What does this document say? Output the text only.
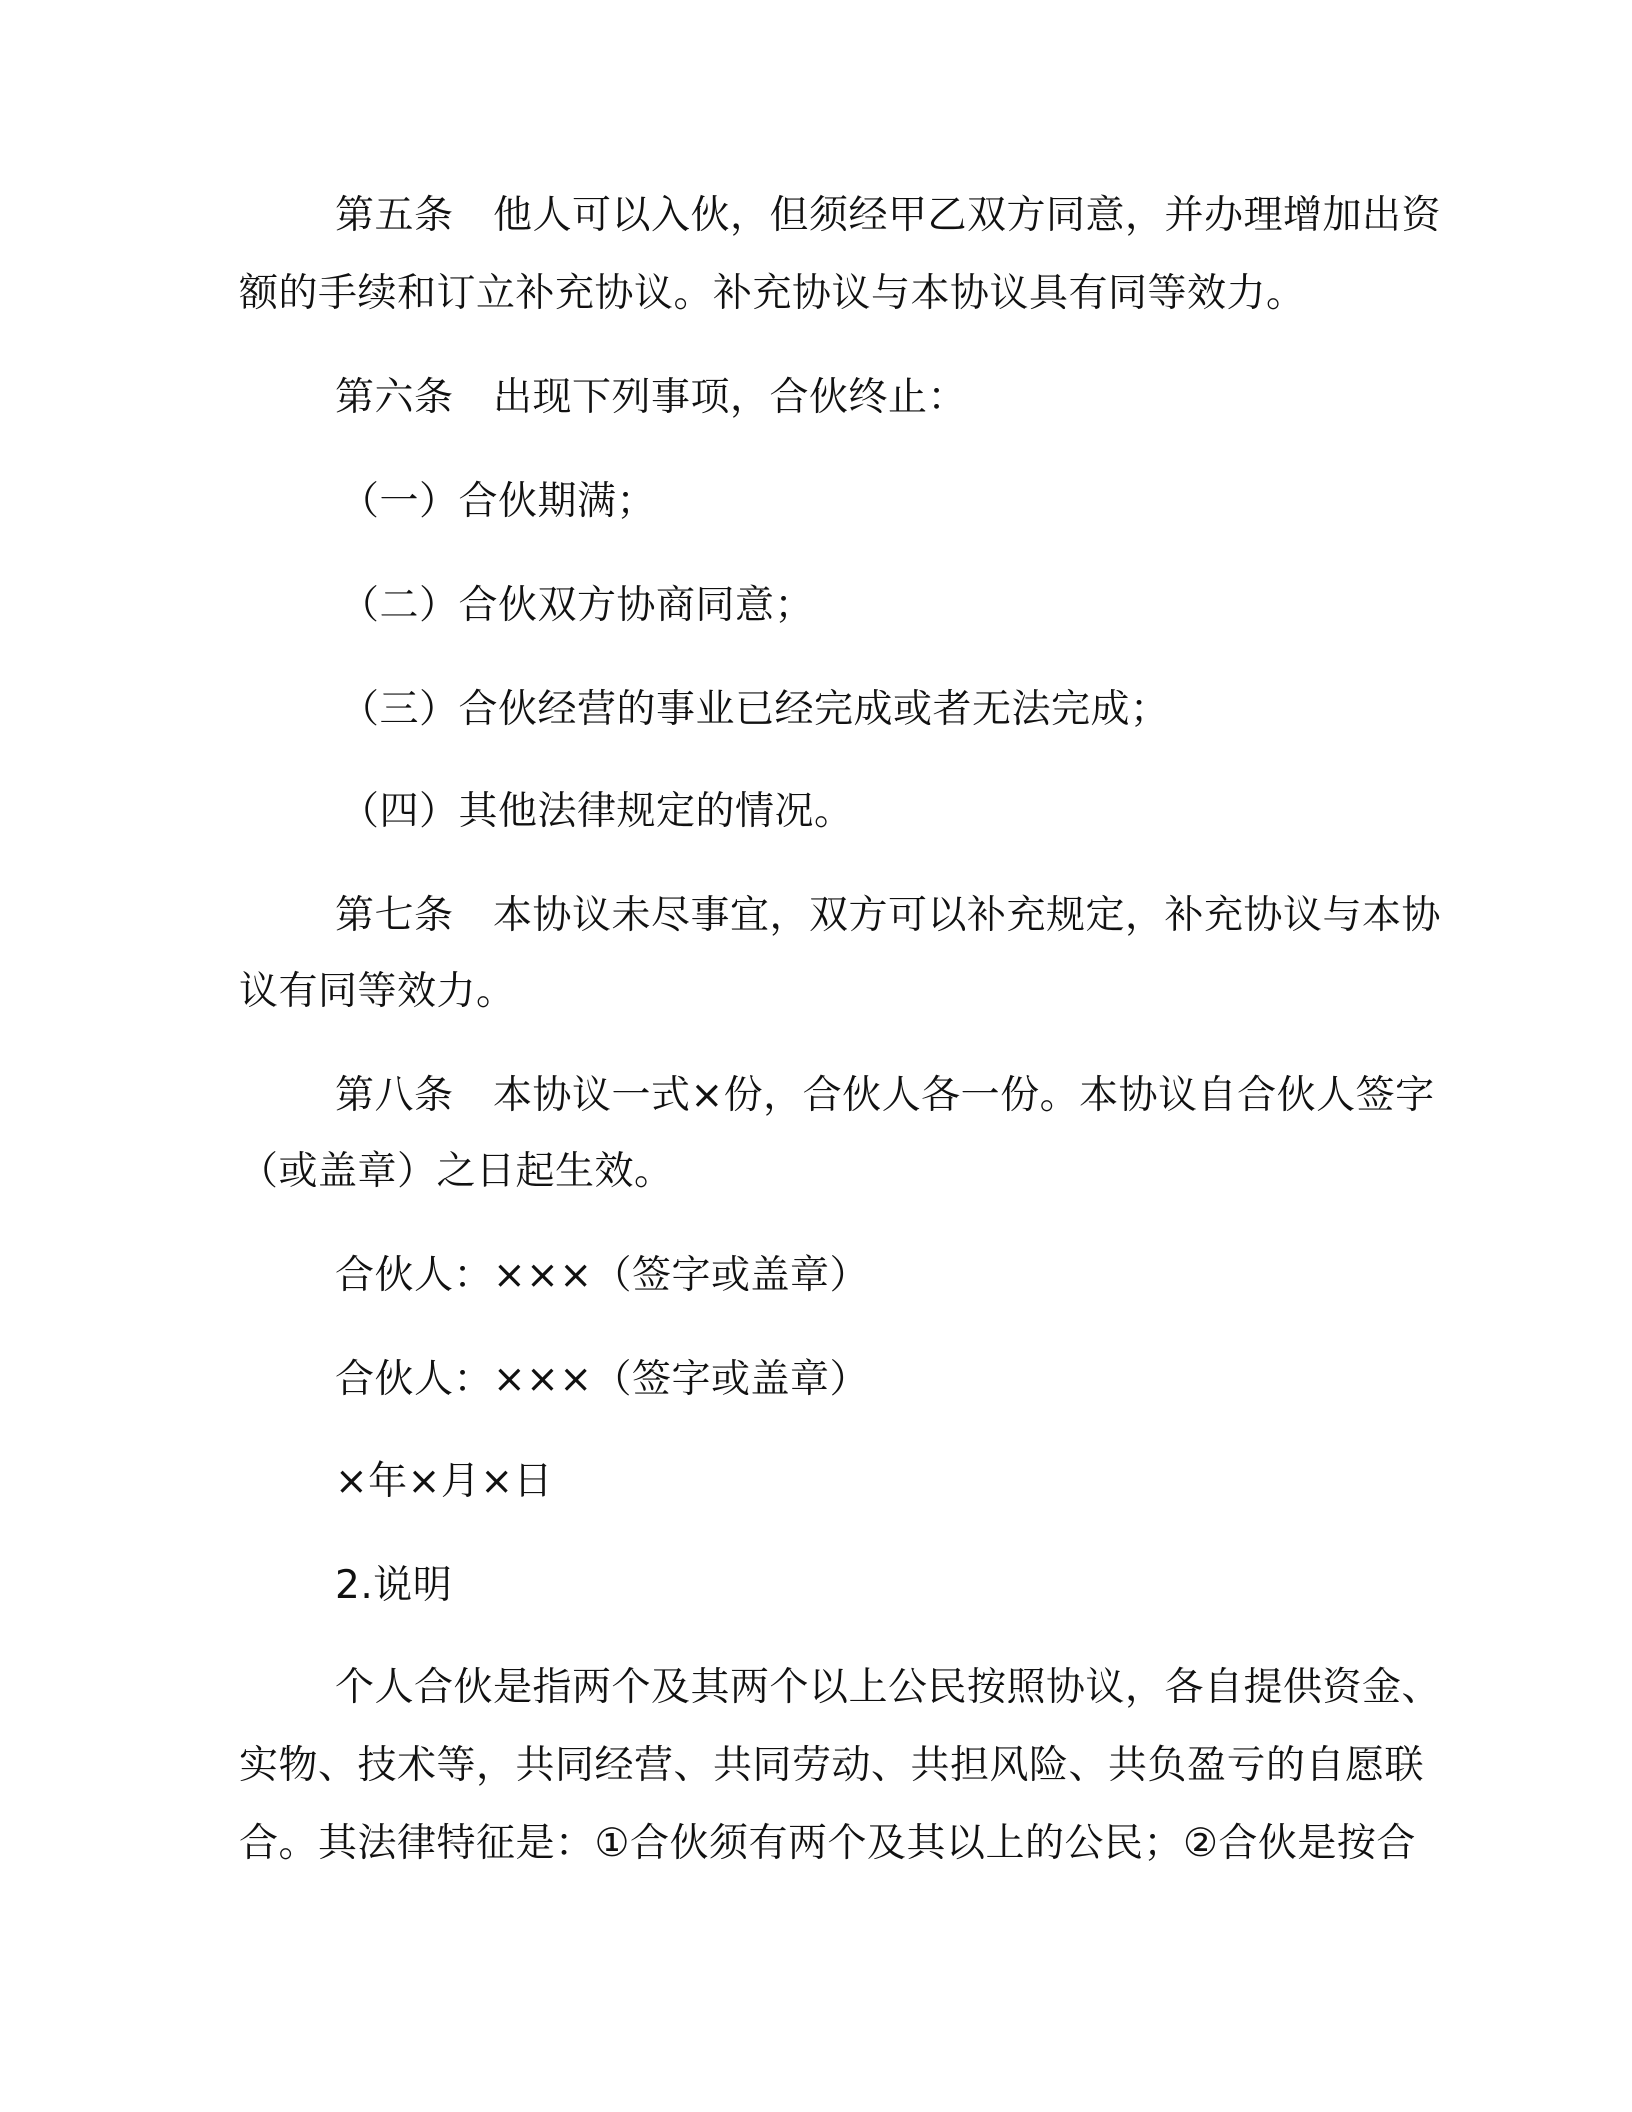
第五条　他人可以入伙，但须经甲乙双方同意，并办理增加出资

额的手续和订立补充协议。补充协议与本协议具有同等效力。

第六条　出现下列事项，合伙终止：

（一）合伙期满；

（二）合伙双方协商同意；

（三）合伙经营的事业已经完成或者无法完成；

（四）其他法律规定的情况。

第七条　本协议未尽事宜，双方可以补充规定，补充协议与本协

议有同等效力。

第八条　本协议一式×份，合伙人各一份。本协议自合伙人签字

（或盖章）之日起生效。

合伙人：×××（签字或盖章）

合伙人：×××（签字或盖章）

×年×月×日

2.说明

个人合伙是指两个及其两个以上公民按照协议，各自提供资金、

实物、技术等，共同经营、共同劳动、共担风险、共负盈亏的自愿联

合。其法律特征是：①合伙须有两个及其以上的公民；②合伙是按合
